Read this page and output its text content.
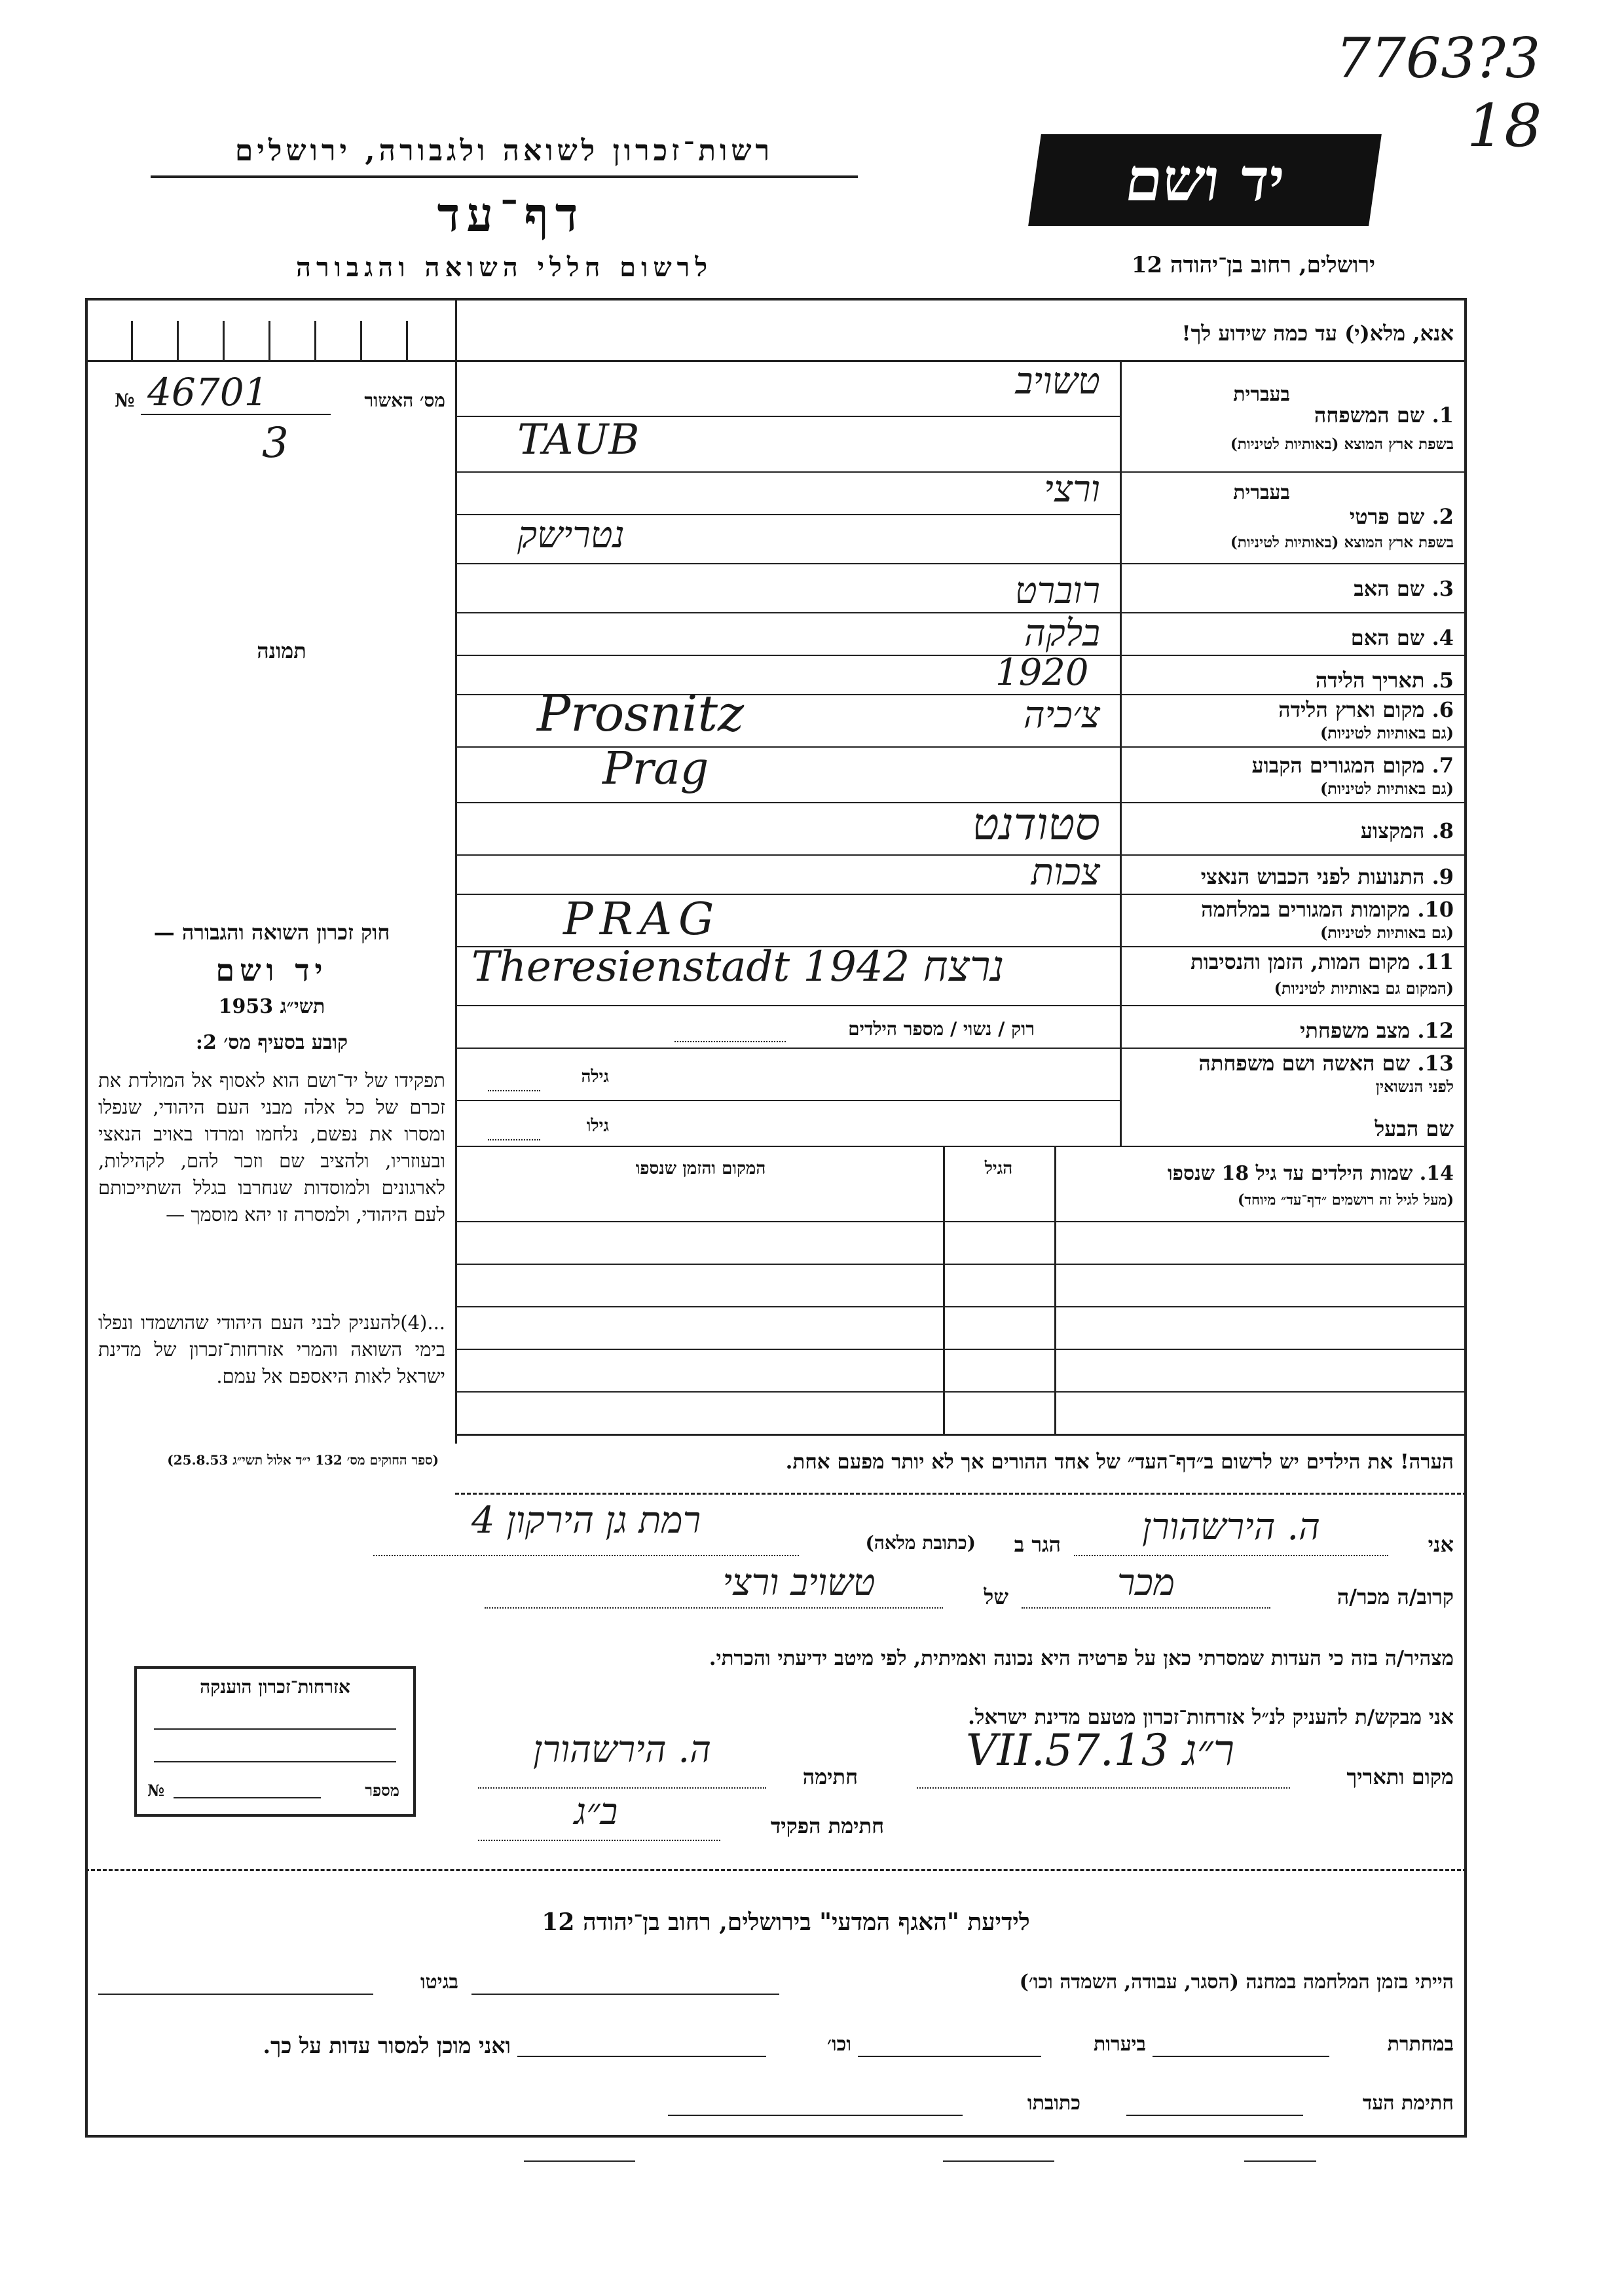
7763?3
18
רשות־זכרון לשואה ולגבורה, ירושלים
דף־עד
לרשום חללי השואה והגבורה
יד ושם
ירושלים, רחוב בן־יהודה 12
אנא, מלא(י) עד כמה שידוע לך!
מס׳ האשור
№ 46701
3
תמונה
1. שם המשפחה
בעברית
בשפת ארץ המוצא (באותיות לטיניות)
טשויב
TAUB
2. שם פרטי
בעברית
בשפת ארץ המוצא (באותיות לטיניות)
ורצי
נטרישק
3. שם האב
רוברט
4. שם האם
בלקה
5. תאריך הלידה
1920
6. מקום וארץ הלידה
(גם באותיות לטיניות)
צ׳כיה
Prosnitz
7. מקום המגורים הקבוע
(גם באותיות לטיניות)
Prag
8. המקצוע
סטודנט
9. התנועות לפני הכבוש הנאצי
צכות
10. מקומות המגורים במלחמה
(גם באותיות לטיניות)
PRAG
11. מקום המות, הזמן והנסיבות
(המקום גם באותיות לטיניות)
Theresienstadt 1942 נרצח
12. מצב משפחתי
רוק / נשוי / מספר הילדים
13. שם האשה ושם משפחתה
לפני הנשואין
גילה
שם הבעל
גילו
חוק זכרון השואה והגבורה —
יד ושם
תשי״ג 1953
קובע בסעיף מס׳ 2:
תפקידו של יד־ושם הוא לאסוף אל המולדת את זכרם של כל אלה מבני העם היהודי, שנפלו ומסרו את נפשם, נלחמו ומרדו באויב הנאצי ובעוזריו, ולהציב שם וזכר להם, לקהילות, לארגונים ולמוסדות שנחרבו בגלל השתייכותם לעם היהודי, ולמסרה זו יהא מוסמך —
...(4)להעניק לבני העם היהודי שהושמדו ונפלו בימי השואה והמרי אזרחות־זכרון של מדינת ישראל לאות היאספם אל עמם.
(ספר החוקים מס׳ 132 י״ד אלול תשי״ג 25.8.53)
14. שמות הילדים עד גיל 18 שנספו
(מעל לגיל זה רושמים ״דף־עד״ מיוחד)
הגיל
המקום והזמן שנספו
הערה! את הילדים יש לרשום ב״דף־העד״ של אחד ההורים אך לא יותר מפעם אחת.
אני
ה. הירשהורן
הגר ב
(כתובת מלאה)
רמת גן הירקון 4
קרוב/ה מכר/ה
מכר
של
טשויב ורצי
מצהיר/ה בזה כי העדות שמסרתי כאן על פרטיה היא נכונה ואמיתית, לפי מיטב ידיעתי והכרתי.
אני מבקש/ת להעניק לנ״ל אזרחות־זכרון מטעם מדינת ישראל.
מקום ותאריך
ר״ג 13.VII.57
חתימה
ה. הירשהורן
חתימת הפקיד
ב״ג
אזרחות־זכרון הוענקה
מספר
№
לידיעת "האגף המדעי" בירושלים, רחוב בן־יהודה 12
הייתי בזמן המלחמה במחנה (הסגר, עבודה, השמדה וכו׳)
בגיטו
במחתרת
ביערות
וכו׳
ואני מוכן למסור עדות על כך.
חתימת העד
כתובתו
